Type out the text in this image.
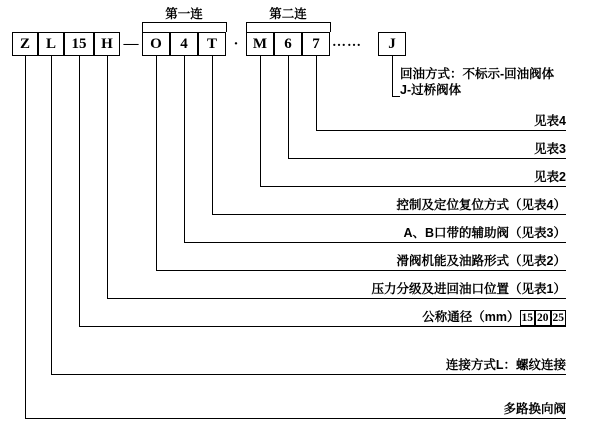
第一连	第二连
Z	L	15 H — O	4	T	· M	6	7 ……	J
回油方式：不标示-回油阀体
J-过桥阀体
见表4
见表3
见表2
控制及定位复位方式（见表4）
A、B口带的辅助阀（见表3）
滑阀机能及油路形式（见表2）
压力分级及进回油口位置（见表1）
公称通径（mm） 15 20 25
连接方式L：螺纹连接
多路换向阀
